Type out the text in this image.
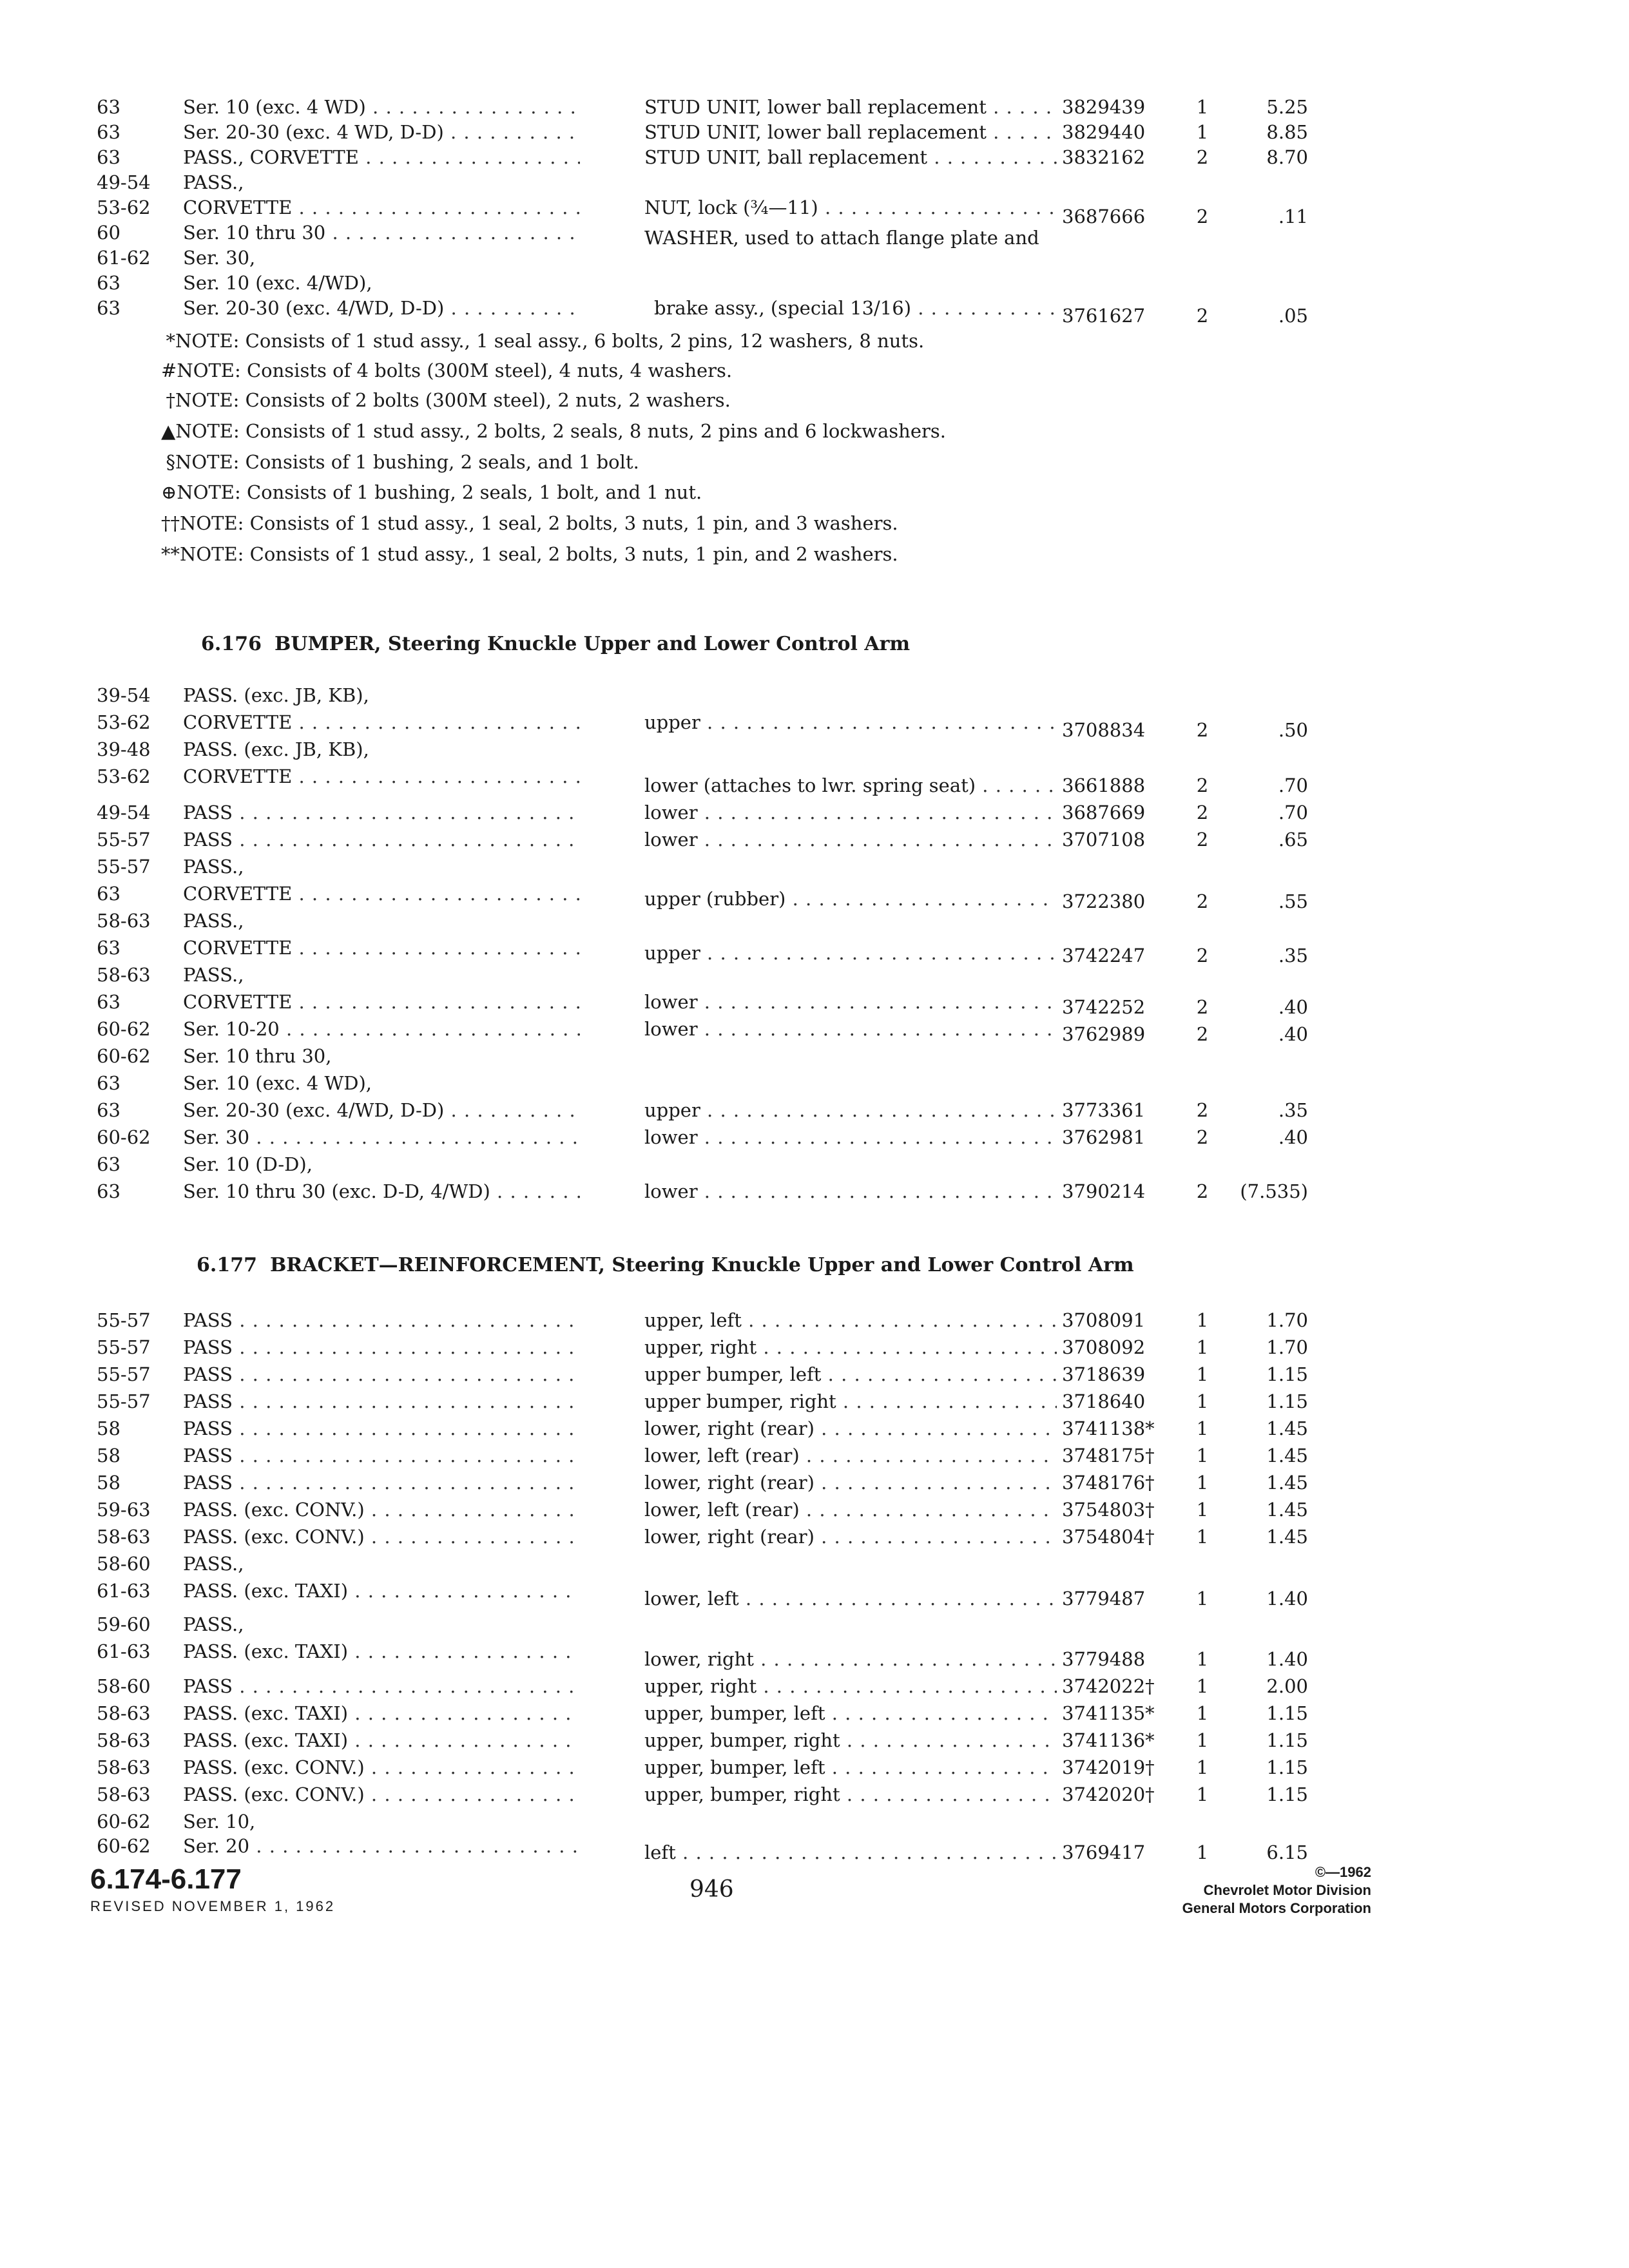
63	Ser. 10 (exc. 4 WD) . . .	STUD UNIT, lower ball replacement . . .	3829439	1	5.25
63	Ser. 20-30 (exc. 4 WD, D-D) . . .	STUD UNIT, lower ball replacement . . .	3829440	1	8.85
63	PASS., CORVETTE . . .	STUD UNIT, ball replacement . . .	3832162	2	8.70
49-54	PASS.,
53-62	CORVETTE . . .	NUT, lock (¾—11) . . .	3687666	2	.11
60	Ser. 10 thru 30 . . .	WASHER, used to attach flange plate and
61-62	Ser. 30,
63	Ser. 10 (exc. 4/WD),
63	Ser. 20-30 (exc. 4/WD, D-D) . . .	brake assy., (special 13/16) . . .	3761627	2	.05
*NOTE: Consists of 1 stud assy., 1 seal assy., 6 bolts, 2 pins, 12 washers, 8 nuts.
#NOTE: Consists of 4 bolts (300M steel), 4 nuts, 4 washers.
†NOTE: Consists of 2 bolts (300M steel), 2 nuts, 2 washers.
▲NOTE: Consists of 1 stud assy., 2 bolts, 2 seals, 8 nuts, 2 pins and 6 lockwashers.
§NOTE: Consists of 1 bushing, 2 seals, and 1 bolt.
⊕NOTE: Consists of 1 bushing, 2 seals, 1 bolt, and 1 nut.
††NOTE: Consists of 1 stud assy., 1 seal, 2 bolts, 3 nuts, 1 pin, and 3 washers.
**NOTE: Consists of 1 stud assy., 1 seal, 2 bolts, 3 nuts, 1 pin, and 2 washers.
6.176 BUMPER, Steering Knuckle Upper and Lower Control Arm
39-54	PASS. (exc. JB, KB),
53-62	CORVETTE . . .	upper . . .	3708834	2	.50
39-48	PASS. (exc. JB, KB),
53-62	CORVETTE . . .	lower (attaches to lwr. spring seat) . . .	3661888	2	.70
49-54	PASS . . .	lower . . .	3687669	2	.70
55-57	PASS . . .	lower . . .	3707108	2	.65
55-57	PASS.,
63	CORVETTE . . .	upper (rubber) . . .	3722380	2	.55
58-63	PASS.,
63	CORVETTE . . .	upper . . .	3742247	2	.35
58-63	PASS.,
63	CORVETTE . . .	lower . . .	3742252	2	.40
60-62	Ser. 10-20 . . .	lower . . .	3762989	2	.40
60-62	Ser. 10 thru 30,
63	Ser. 10 (exc. 4 WD),
63	Ser. 20-30 (exc. 4/WD, D-D) . . .	upper . . .	3773361	2	.35
60-62	Ser. 30 . . .	lower . . .	3762981	2	.40
63	Ser. 10 (D-D),
63	Ser. 10 thru 30 (exc. D-D, 4/WD) . . .	lower . . .	3790214	2	(7.535)
6.177 BRACKET—REINFORCEMENT, Steering Knuckle Upper and Lower Control Arm
55-57	PASS . . .	upper, left . . .	3708091	1	1.70
55-57	PASS . . .	upper, right . . .	3708092	1	1.70
55-57	PASS . . .	upper bumper, left . . .	3718639	1	1.15
55-57	PASS . . .	upper bumper, right . . .	3718640	1	1.15
58	PASS . . .	lower, right (rear) . . .	3741138*	1	1.45
58	PASS . . .	lower, left (rear) . . .	3748175†	1	1.45
58	PASS . . .	lower, right (rear) . . .	3748176†	1	1.45
59-63	PASS. (exc. CONV.) . . .	lower, left (rear) . . .	3754803†	1	1.45
58-63	PASS. (exc. CONV.) . . .	lower, right (rear) . . .	3754804†	1	1.45
58-60	PASS.,
61-63	PASS. (exc. TAXI) . . .	lower, left . . .	3779487	1	1.40
59-60	PASS.,
61-63	PASS. (exc. TAXI) . . .	lower, right . . .	3779488	1	1.40
58-60	PASS . . .	upper, right . . .	3742022†	1	2.00
58-63	PASS. (exc. TAXI) . . .	upper, bumper, left . . .	3741135*	1	1.15
58-63	PASS. (exc. TAXI) . . .	upper, bumper, right . . .	3741136*	1	1.15
58-63	PASS. (exc. CONV.) . . .	upper, bumper, left . . .	3742019†	1	1.15
58-63	PASS. (exc. CONV.) . . .	upper, bumper, right . . .	3742020†	1	1.15
60-62	Ser. 10,
60-62	Ser. 20 . . .	left . . .	3769417	1	6.15
6.174-6.177
REVISED NOVEMBER 1, 1962
946
©—1962
Chevrolet Motor Division
General Motors Corporation
